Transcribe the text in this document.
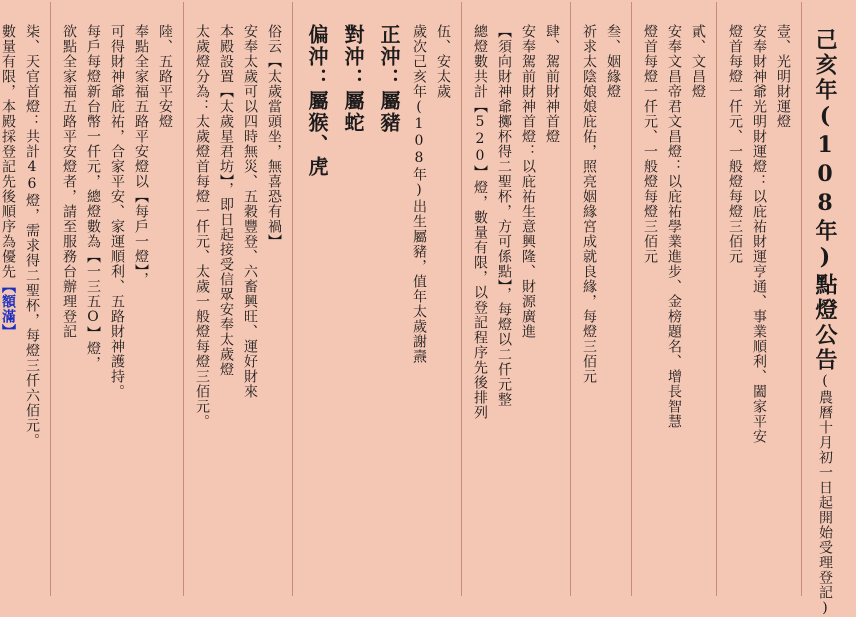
己亥年(108年)點燈公告(農曆十月初一日起開始受理登記)
壹、光明財運燈
安奉財神爺光明財運燈：以庇祐財運亨通、事業順利、闔家平安
燈首每燈一仟元、一般燈每燈三佰元
貳、文昌燈
安奉文昌帝君文昌燈：以庇祐學業進步、金榜題名、增長智慧
燈首每燈一仟元、一般燈每燈三佰元
叁、姻緣燈
祈求太陰娘娘庇佑，照亮姻緣宮成就良緣，每燈三佰元
肆、駕前財神首燈
安奉駕前財神首燈：以庇祐生意興隆、財源廣進
【須向財神爺擲杯得二聖杯，方可係點】，每燈以二仟元整
總燈數共計【520】燈，數量有限，以登記程序先後排列
伍、安太歲
歲次己亥年(108年)出生屬豬，值年太歲謝燾
正沖：屬豬
對沖：屬蛇
偏沖：屬猴、虎
俗云【太歲當頭坐，無喜恐有禍】
安奉太歲可以四時無災、五穀豐登、六畜興旺、運好財來
本殿設置【太歲星君坊】，即日起接受信眾安奉太歲燈
太歲燈分為：太歲燈首每燈一仟元、太歲一般燈每燈三佰元。
陸、五路平安燈
奉點全家福五路平安燈以【每戶一燈】，
可得財神爺庇祐，合家平安、家運順利、五路財神護持。
每戶每燈新台幣一仟元，總燈數為【一三五O】燈，
欲點全家福五路平安燈者，請至服務台辦理登記
柒、天官首燈：共計46燈，需求得二聖杯，每燈三仟六佰元。
數量有限，本殿採登記先後順序為優先【額滿】
